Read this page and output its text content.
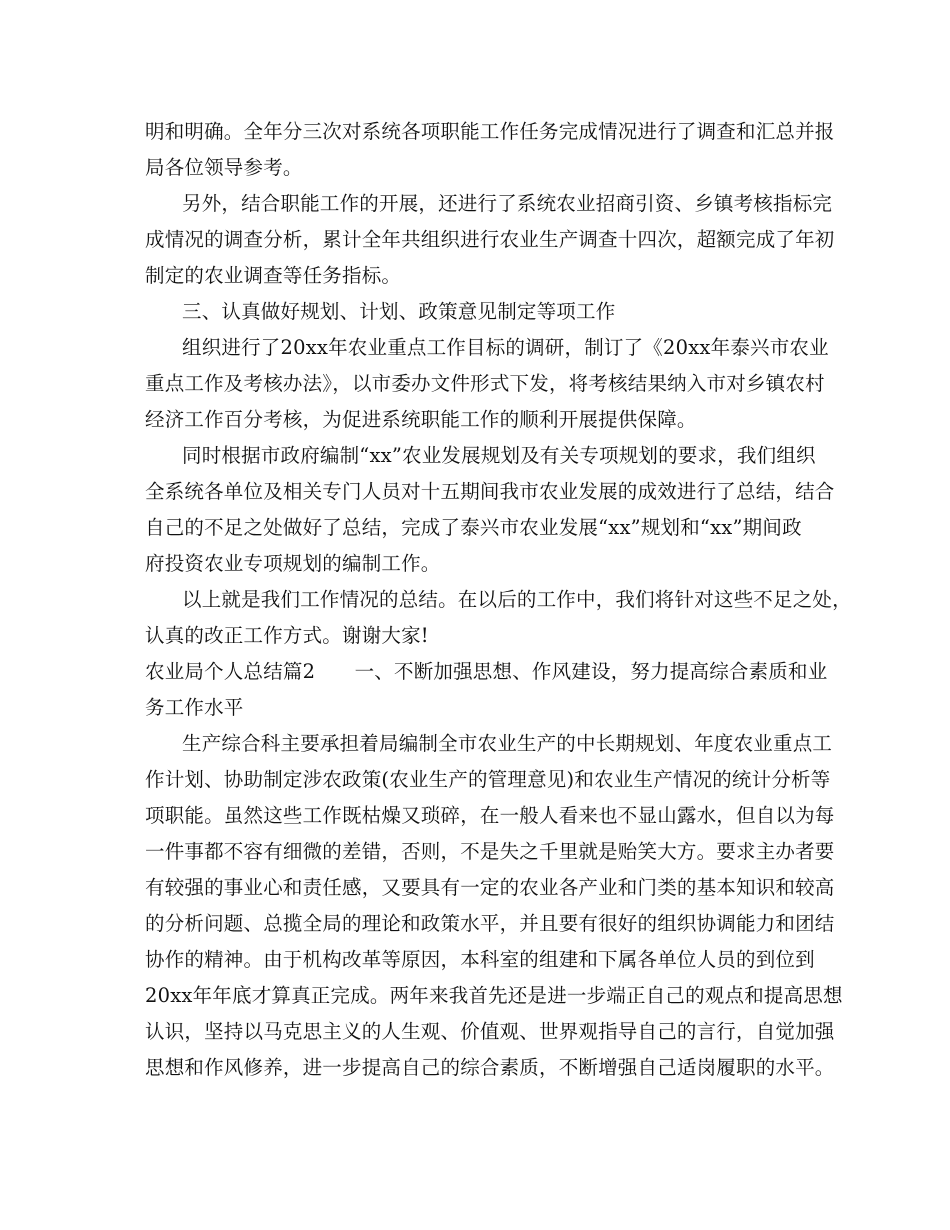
明和明确。全年分三次对系统各项职能工作任务完成情况进行了调查和汇总并报
局各位领导参考。
另外，结合职能工作的开展，还进行了系统农业招商引资、乡镇考核指标完
成情况的调查分析，累计全年共组织进行农业生产调查十四次，超额完成了年初
制定的农业调查等任务指标。
三、认真做好规划、计划、政策意见制定等项工作
组织进行了20xx年农业重点工作目标的调研，制订了《20xx年泰兴市农业
重点工作及考核办法》，以市委办文件形式下发，将考核结果纳入市对乡镇农村
经济工作百分考核，为促进系统职能工作的顺利开展提供保障。
同时根据市政府编制“xx”农业发展规划及有关专项规划的要求，我们组织
全系统各单位及相关专门人员对十五期间我市农业发展的成效进行了总结，结合
自己的不足之处做好了总结，完成了泰兴市农业发展“xx”规划和“xx”期间政
府投资农业专项规划的编制工作。
以上就是我们工作情况的总结。在以后的工作中，我们将针对这些不足之处，
认真的改正工作方式。谢谢大家!
农业局个人总结篇2　　一、不断加强思想、作风建设，努力提高综合素质和业
务工作水平
生产综合科主要承担着局编制全市农业生产的中长期规划、年度农业重点工
作计划、协助制定涉农政策(农业生产的管理意见)和农业生产情况的统计分析等
项职能。虽然这些工作既枯燥又琐碎，在一般人看来也不显山露水，但自以为每
一件事都不容有细微的差错，否则，不是失之千里就是贻笑大方。要求主办者要
有较强的事业心和责任感，又要具有一定的农业各产业和门类的基本知识和较高
的分析问题、总揽全局的理论和政策水平，并且要有很好的组织协调能力和团结
协作的精神。由于机构改革等原因，本科室的组建和下属各单位人员的到位到
20xx年年底才算真正完成。两年来我首先还是进一步端正自己的观点和提高思想
认识，坚持以马克思主义的人生观、价值观、世界观指导自己的言行，自觉加强
思想和作风修养，进一步提高自己的综合素质，不断增强自己适岗履职的水平。
